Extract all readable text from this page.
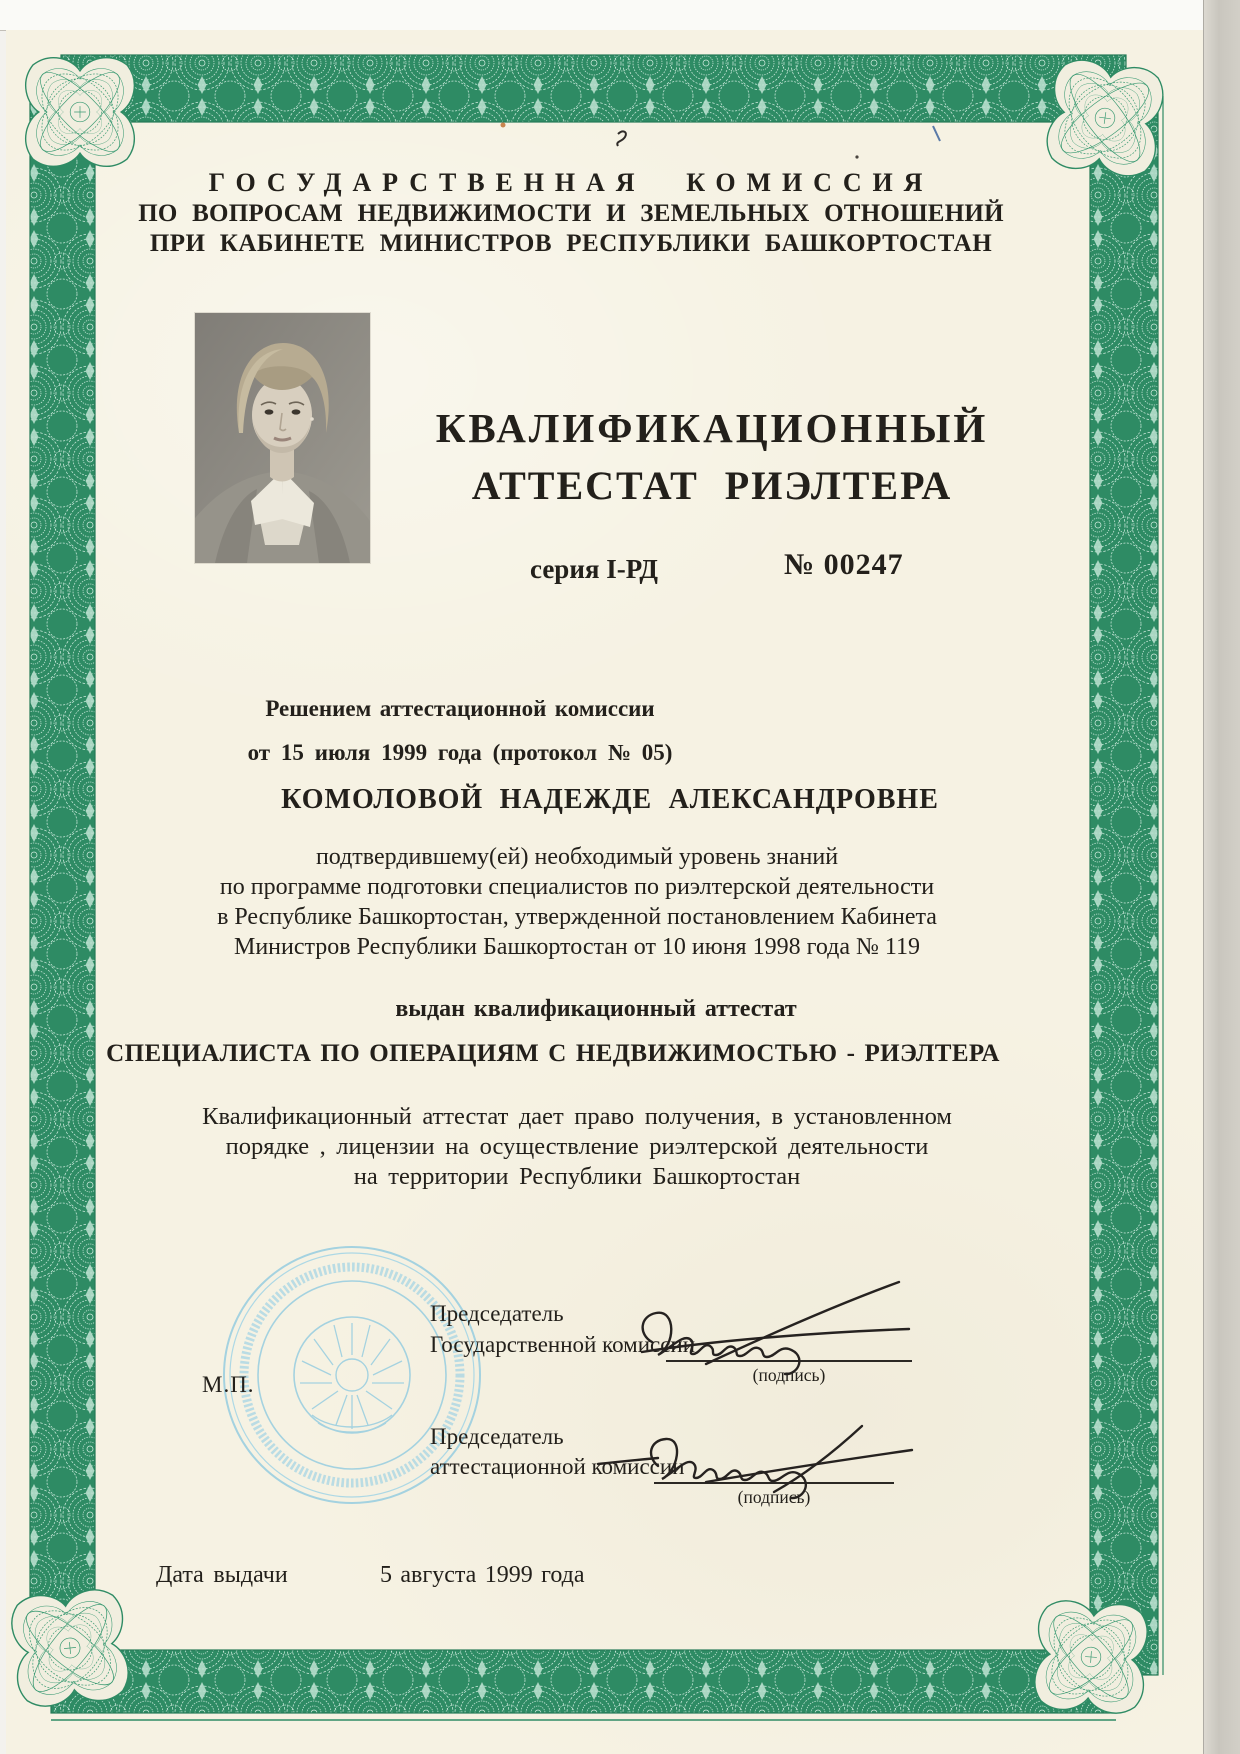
ГОСУДАРСТВЕННАЯ КОМИССИЯ
ПО ВОПРОСАМ НЕДВИЖИМОСТИ И ЗЕМЕЛЬНЫХ ОТНОШЕНИЙ
ПРИ КАБИНЕТЕ МИНИСТРОВ РЕСПУБЛИКИ БАШКОРТОСТАН
КВАЛИФИКАЦИОННЫЙ
АТТЕСТАТ РИЭЛТЕРА
серия I-РД	№ 00247
Решением аттестационной комиссии
от 15 июля 1999 года (протокол № 05)
КОМОЛОВОЙ НАДЕЖДЕ АЛЕКСАНДРОВНЕ
подтвердившему(ей) необходимый уровень знаний
по программе подготовки специалистов по риэлтерской деятельности
в Республике Башкортостан, утвержденной постановлением Кабинета
Министров Республики Башкортостан от 10 июня 1998 года № 119
выдан квалификационный аттестат
СПЕЦИАЛИСТА ПО ОПЕРАЦИЯМ С НЕДВИЖИМОСТЬЮ - РИЭЛТЕРА
Квалификационный аттестат дает право получения, в установленном
порядке , лицензии на осуществление риэлтерской деятельности
на территории Республики Башкортостан
Председатель
Государственной комиссии
(подпись)
М.П.
Председатель
аттестационной комиссии
(подпись)
Дата выдачи	5 августа 1999 года
